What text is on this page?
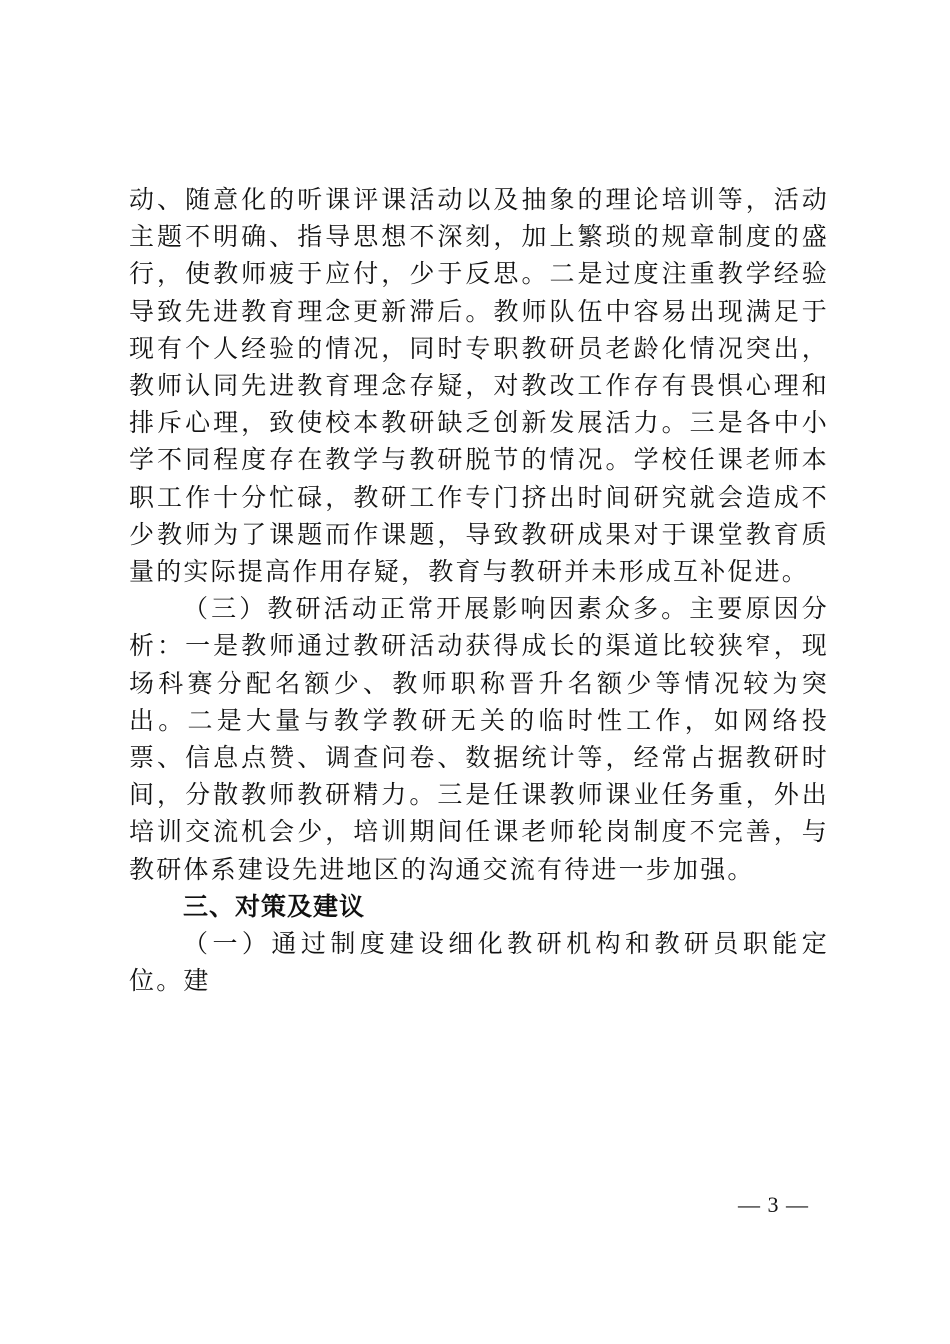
动、随意化的听课评课活动以及抽象的理论培训等，活动主题不明确、指导思想不深刻，加上繁琐的规章制度的盛行，使教师疲于应付，少于反思。二是过度注重教学经验导致先进教育理念更新滞后。教师队伍中容易出现满足于现有个人经验的情况，同时专职教研员老龄化情况突出，教师认同先进教育理念存疑，对教改工作存有畏惧心理和排斥心理，致使校本教研缺乏创新发展活力。三是各中小学不同程度存在教学与教研脱节的情况。学校任课老师本职工作十分忙碌，教研工作专门挤出时间研究就会造成不少教师为了课题而作课题，导致教研成果对于课堂教育质量的实际提高作用存疑，教育与教研并未形成互补促进。

（三）教研活动正常开展影响因素众多。主要原因分析：一是教师通过教研活动获得成长的渠道比较狭窄，现场科赛分配名额少、教师职称晋升名额少等情况较为突出。二是大量与教学教研无关的临时性工作，如网络投票、信息点赞、调查问卷、数据统计等，经常占据教研时间，分散教师教研精力。三是任课教师课业任务重，外出培训交流机会少，培训期间任课老师轮岗制度不完善，与教研体系建设先进地区的沟通交流有待进一步加强。

三、对策及建议

（一）通过制度建设细化教研机构和教研员职能定位。建

— 3 —
